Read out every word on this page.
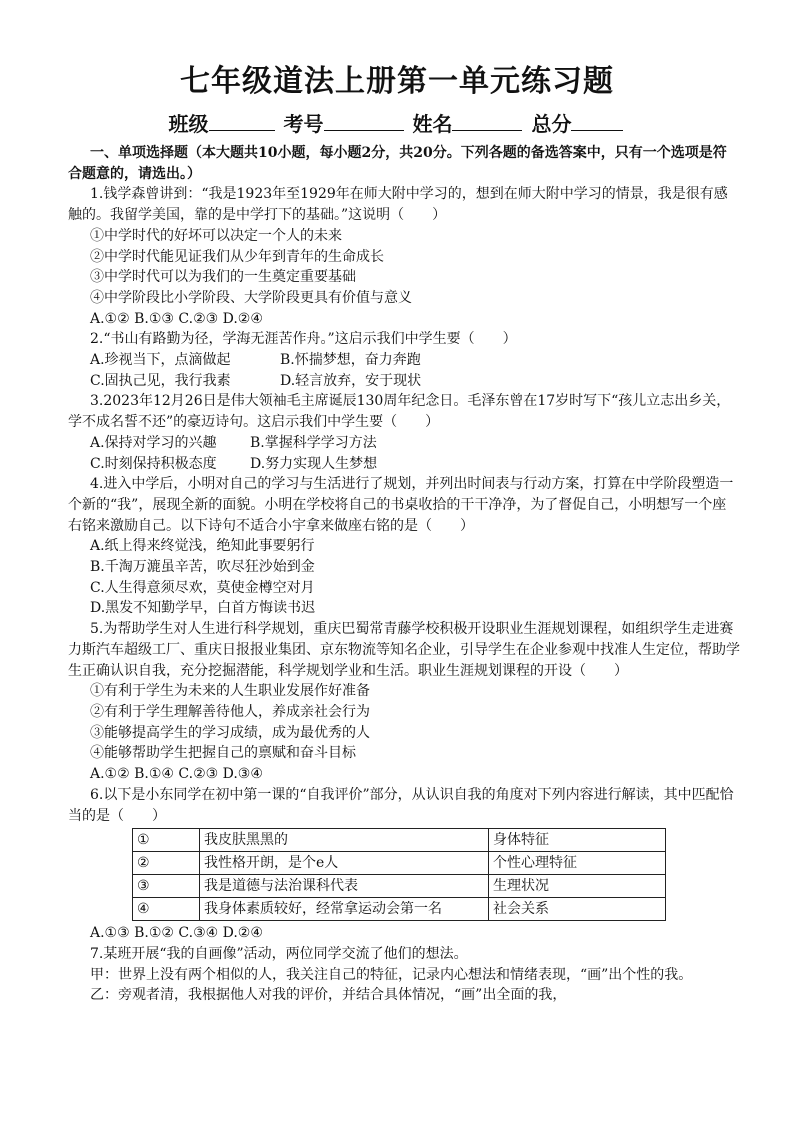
七年级道法上册第一单元练习题
班级	考号	姓名	总分

一、单项选择题（本大题共10小题，每小题2分，共20分。下列各题的备选答案中，只有一个选项是符合题意的，请选出。）

1.钱学森曾讲到：“我是1923年至1929年在师大附中学习的，想到在师大附中学习的情景，我是很有感触的。我留学美国，靠的是中学打下的基础。”这说明（　　）

①中学时代的好坏可以决定一个人的未来

②中学时代能见证我们从少年到青年的生命成长

③中学时代可以为我们的一生奠定重要基础

④中学阶段比小学阶段、大学阶段更具有价值与意义

A.①② B.①③ C.②③ D.②④

2.“书山有路勤为径，学海无涯苦作舟。”这启示我们中学生要（　　）

A.珍视当下，点滴做起	B.怀揣梦想，奋力奔跑

C.固执己见，我行我素	D.轻言放弃，安于现状

3.2023年12月26日是伟大领袖毛主席诞辰130周年纪念日。毛泽东曾在17岁时写下“孩儿立志出乡关，学不成名誓不还”的豪迈诗句。这启示我们中学生要（　　）

A.保持对学习的兴趣 B.掌握科学学习方法

C.时刻保持积极态度 D.努力实现人生梦想

4.进入中学后，小明对自己的学习与生活进行了规划，并列出时间表与行动方案，打算在中学阶段塑造一个新的“我”，展现全新的面貌。小明在学校将自己的书桌收拾的干干净净，为了督促自己，小明想写一个座右铭来激励自己。以下诗句不适合小宇拿来做座右铭的是（　　）

A.纸上得来终觉浅，绝知此事要躬行

B.千淘万漉虽辛苦，吹尽狂沙始到金

C.人生得意须尽欢，莫使金樽空对月

D.黑发不知勤学早，白首方悔读书迟

5.为帮助学生对人生进行科学规划，重庆巴蜀常青藤学校积极开设职业生涯规划课程，如组织学生走进赛力斯汽车超级工厂、重庆日报报业集团、京东物流等知名企业，引导学生在企业参观中找准人生定位，帮助学生正确认识自我，充分挖掘潜能，科学规划学业和生活。职业生涯规划课程的开设（　　）

①有利于学生为未来的人生职业发展作好准备

②有利于学生理解善待他人，养成亲社会行为

③能够提高学生的学习成绩，成为最优秀的人

④能够帮助学生把握自己的禀赋和奋斗目标

A.①② B.①④ C.②③ D.③④

6.以下是小东同学在初中第一课的“自我评价”部分，从认识自我的角度对下列内容进行解读，其中匹配恰当的是（　　）

①	我皮肤黑黑的	身体特征
②	我性格开朗，是个e人	个性心理特征
③	我是道德与法治课科代表	生理状况
④	我身体素质较好，经常拿运动会第一名	社会关系

A.①③ B.①② C.③④ D.②④

7.某班开展“我的自画像”活动，两位同学交流了他们的想法。

甲：世界上没有两个相似的人，我关注自己的特征，记录内心想法和情绪表现，“画”出个性的我。

乙：旁观者清，我根据他人对我的评价，并结合具体情况，“画”出全面的我，
